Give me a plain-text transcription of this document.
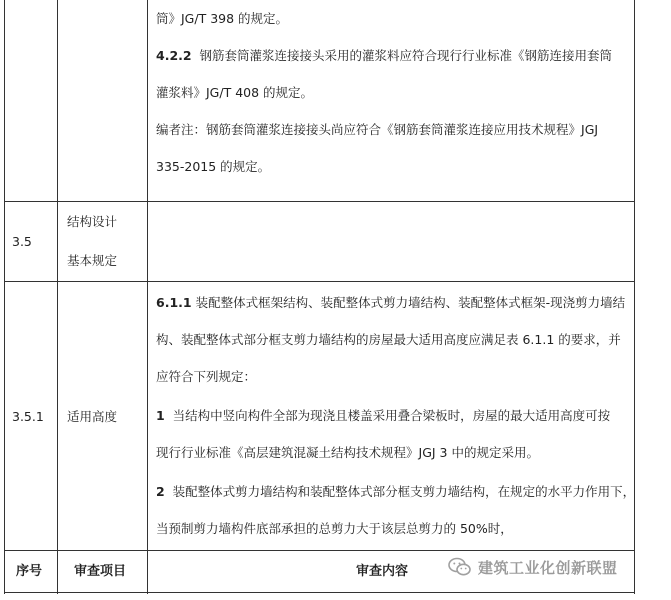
筒》JG/T 398 的规定。
4.2.2 钢筋套筒灌浆连接接头采用的灌浆料应符合现行行业标准《钢筋连接用套筒
灌浆料》JG/T 408 的规定。
编者注：钢筋套筒灌浆连接接头尚应符合《钢筋套筒灌浆连接应用技术规程》JGJ
335-2015 的规定。
3.5
结构设计
基本规定
3.5.1 适用高度
6.1.1 装配整体式框架结构、装配整体式剪力墙结构、装配整体式框架-现浇剪力墙结
构、装配整体式部分框支剪力墙结构的房屋最大适用高度应满足表 6.1.1 的要求，并
应符合下列规定：
1 当结构中竖向构件全部为现浇且楼盖采用叠合梁板时，房屋的最大适用高度可按
现行行业标准《高层建筑混凝土结构技术规程》JGJ 3 中的规定采用。
2 装配整体式剪力墙结构和装配整体式部分框支剪力墙结构，在规定的水平力作用下，
当预制剪力墙构件底部承担的总剪力大于该层总剪力的 50%时，
序号 审查项目	审查内容	建筑工业化创新联盟
